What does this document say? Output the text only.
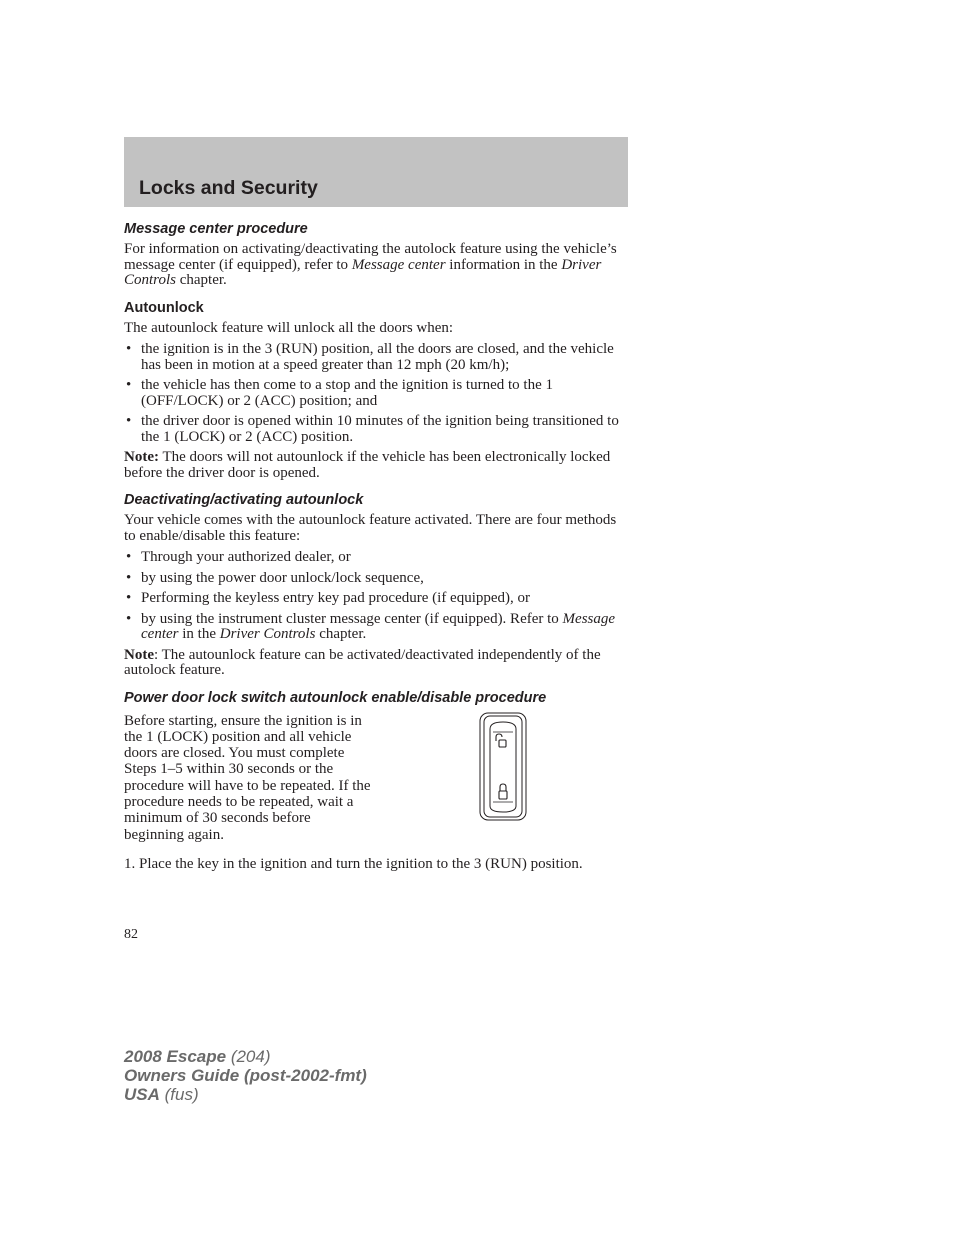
Locks and Security
Message center procedure

For information on activating/deactivating the autolock feature using the vehicle’s message center (if equipped), refer to Message center information in the Driver Controls chapter.

Autounlock

The autounlock feature will unlock all the doors when:

• the ignition is in the 3 (RUN) position, all the doors are closed, and the vehicle has been in motion at a speed greater than 12 mph (20 km/h);
• the vehicle has then come to a stop and the ignition is turned to the 1 (OFF/LOCK) or 2 (ACC) position; and
• the driver door is opened within 10 minutes of the ignition being transitioned to the 1 (LOCK) or 2 (ACC) position.

Note: The doors will not autounlock if the vehicle has been electronically locked before the driver door is opened.

Deactivating/activating autounlock

Your vehicle comes with the autounlock feature activated. There are four methods to enable/disable this feature:

• Through your authorized dealer, or
• by using the power door unlock/lock sequence,
• Performing the keyless entry key pad procedure (if equipped), or
• by using the instrument cluster message center (if equipped). Refer to Message center in the Driver Controls chapter.

Note: The autounlock feature can be activated/deactivated independently of the autolock feature.

Power door lock switch autounlock enable/disable procedure
Before starting, ensure the ignition is in the 1 (LOCK) position and all vehicle doors are closed. You must complete Steps 1–5 within 30 seconds or the procedure will have to be repeated. If the procedure needs to be repeated, wait a minimum of 30 seconds before beginning again.

1. Place the key in the ignition and turn the ignition to the 3 (RUN) position.

82
2008 Escape (204)
Owners Guide (post-2002-fmt)
USA (fus)
